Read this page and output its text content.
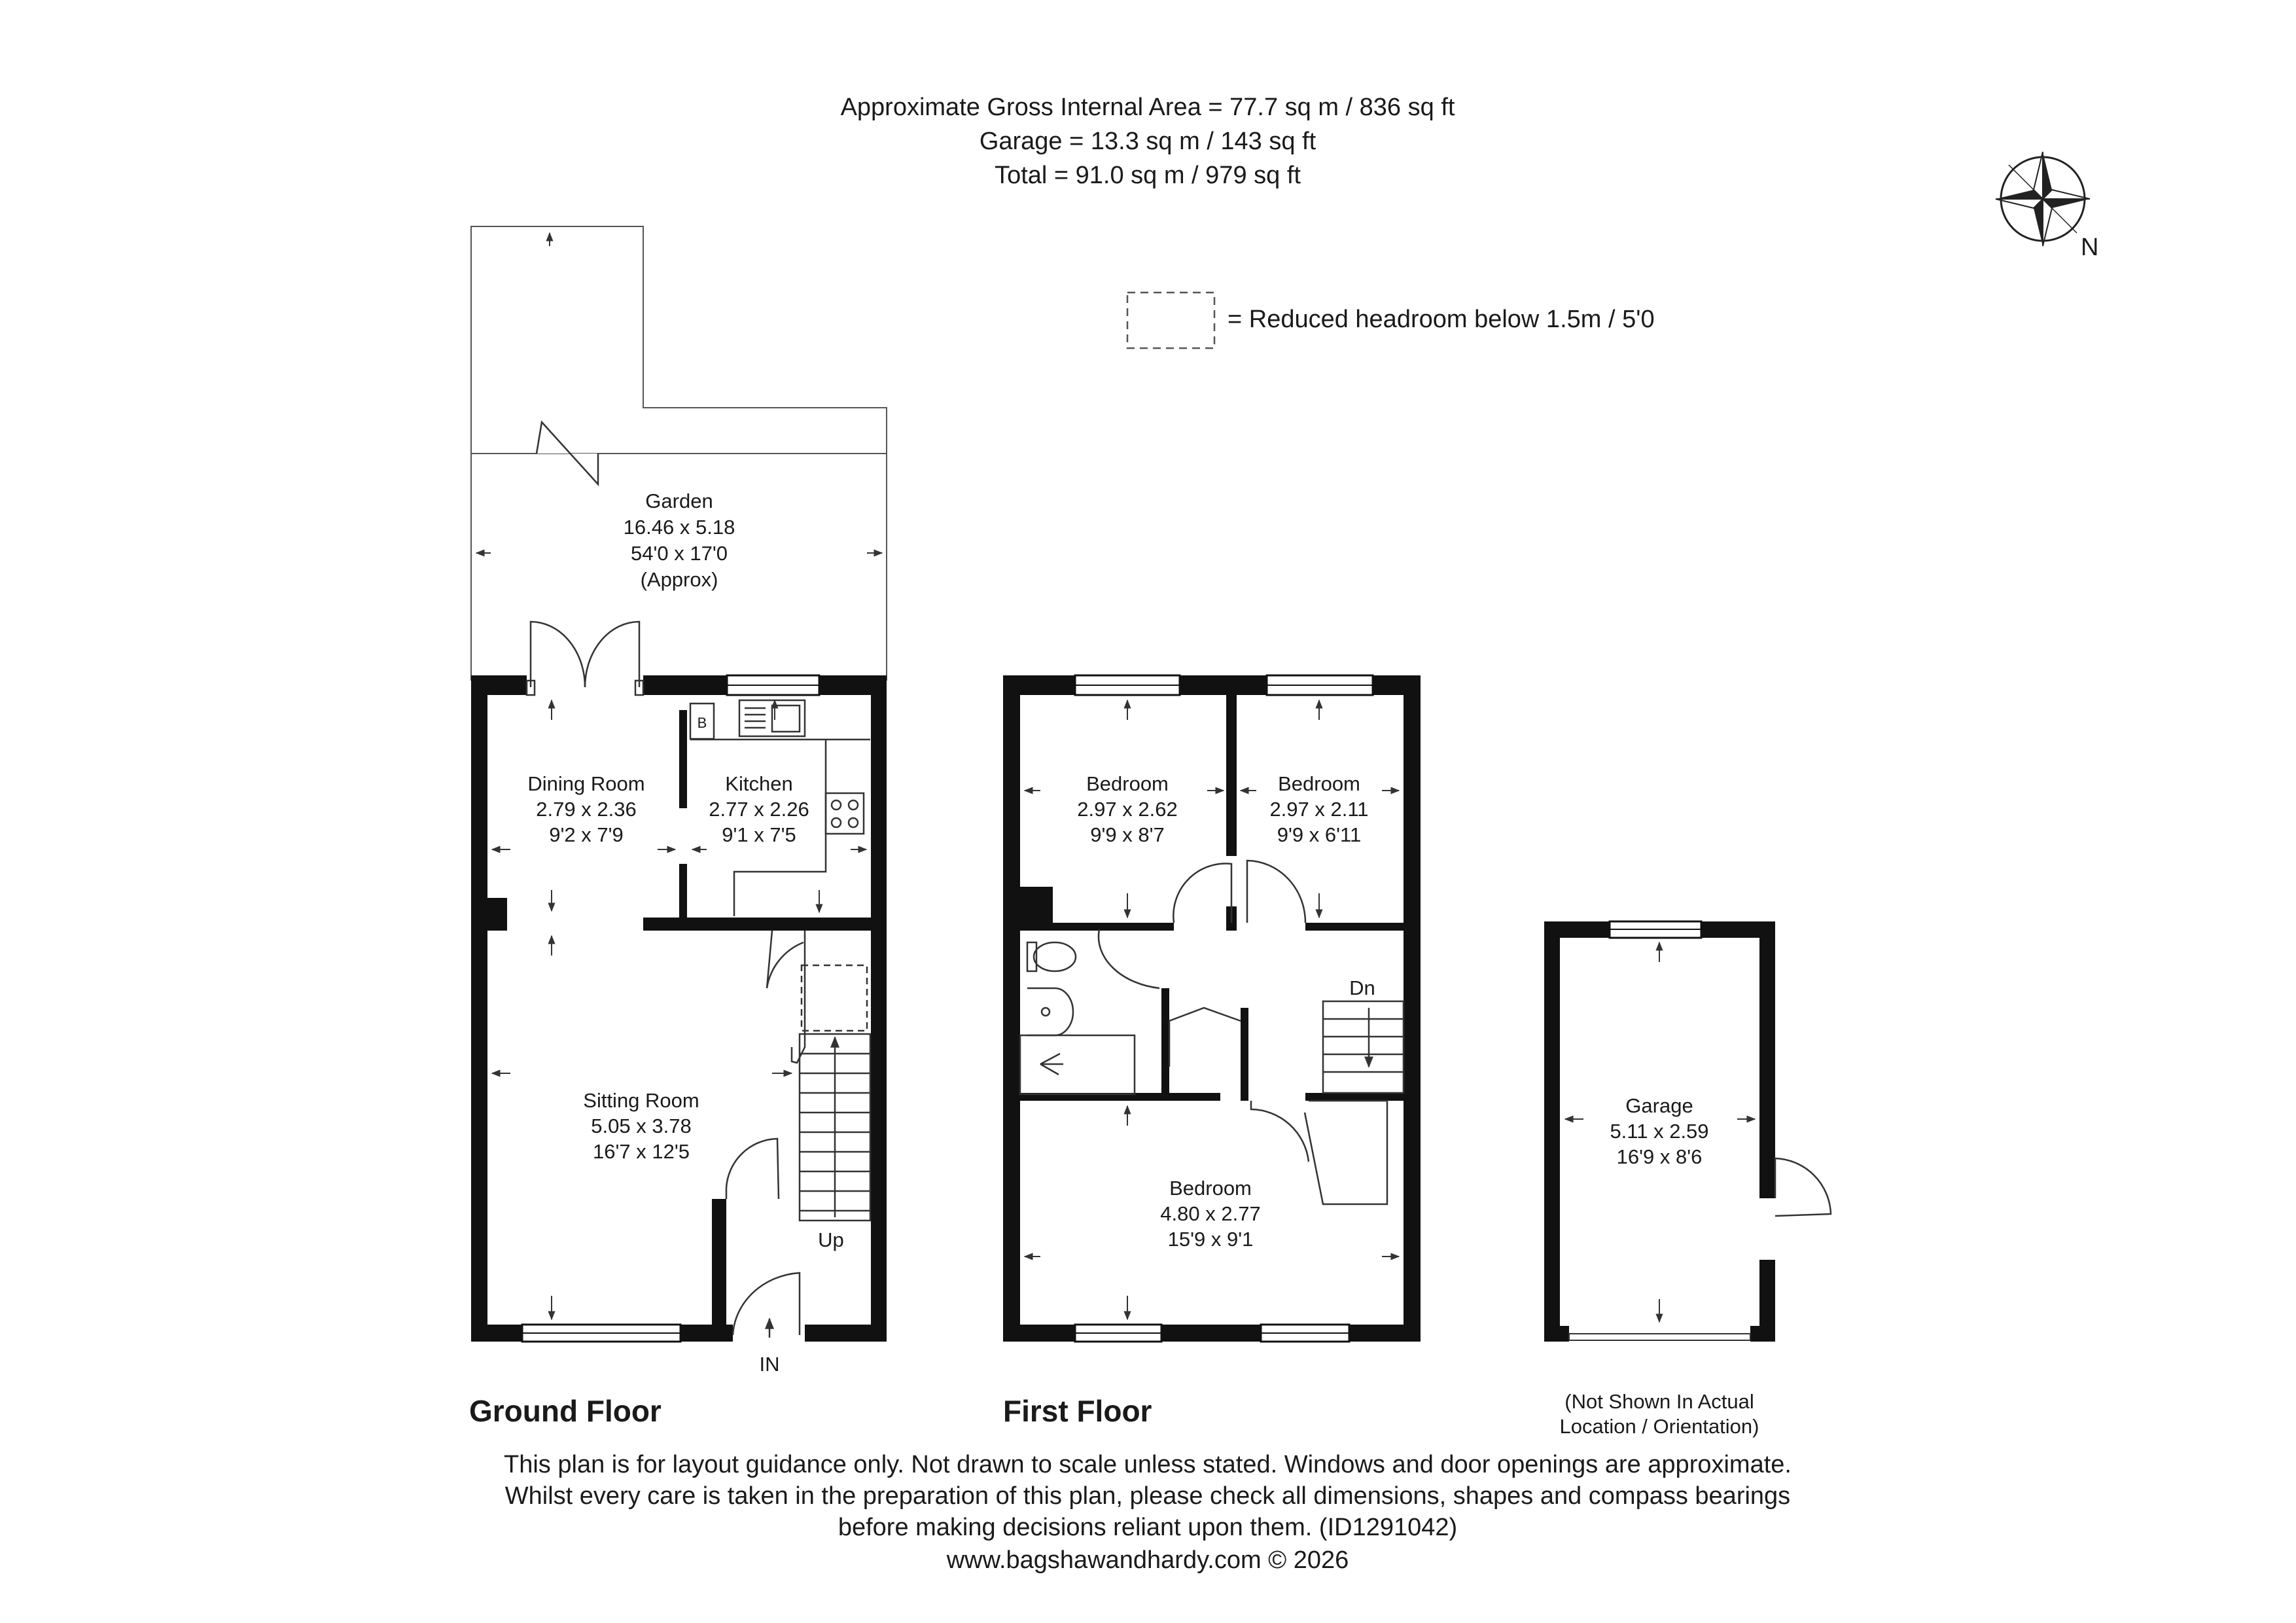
Approximate Gross Internal Area = 77.7 sq m / 836 sq ft
Garage = 13.3 sq m / 143 sq ft
Total = 91.0 sq m / 979 sq ft
N
= Reduced headroom below 1.5m / 5'0
B
Up
IN
Garden
16.46 x 5.18
54'0 x 17'0
(Approx)
Dining Room
2.79 x 2.36
9'2 x 7'9
Kitchen
2.77 x 2.26
9'1 x 7'5
Sitting Room
5.05 x 3.78
16'7 x 12'5
Ground Floor
Dn
Bedroom
2.97 x 2.62
9'9 x 8'7
Bedroom
2.97 x 2.11
9'9 x 6'11
Bedroom
4.80 x 2.77
15'9 x 9'1
First Floor
Garage
5.11 x 2.59
16'9 x 8'6
(Not Shown In Actual
Location / Orientation)
This plan is for layout guidance only. Not drawn to scale unless stated. Windows and door openings are approximate.
Whilst every care is taken in the preparation of this plan, please check all dimensions, shapes and compass bearings
before making decisions reliant upon them. (ID1291042)
www.bagshawandhardy.com © 2026
